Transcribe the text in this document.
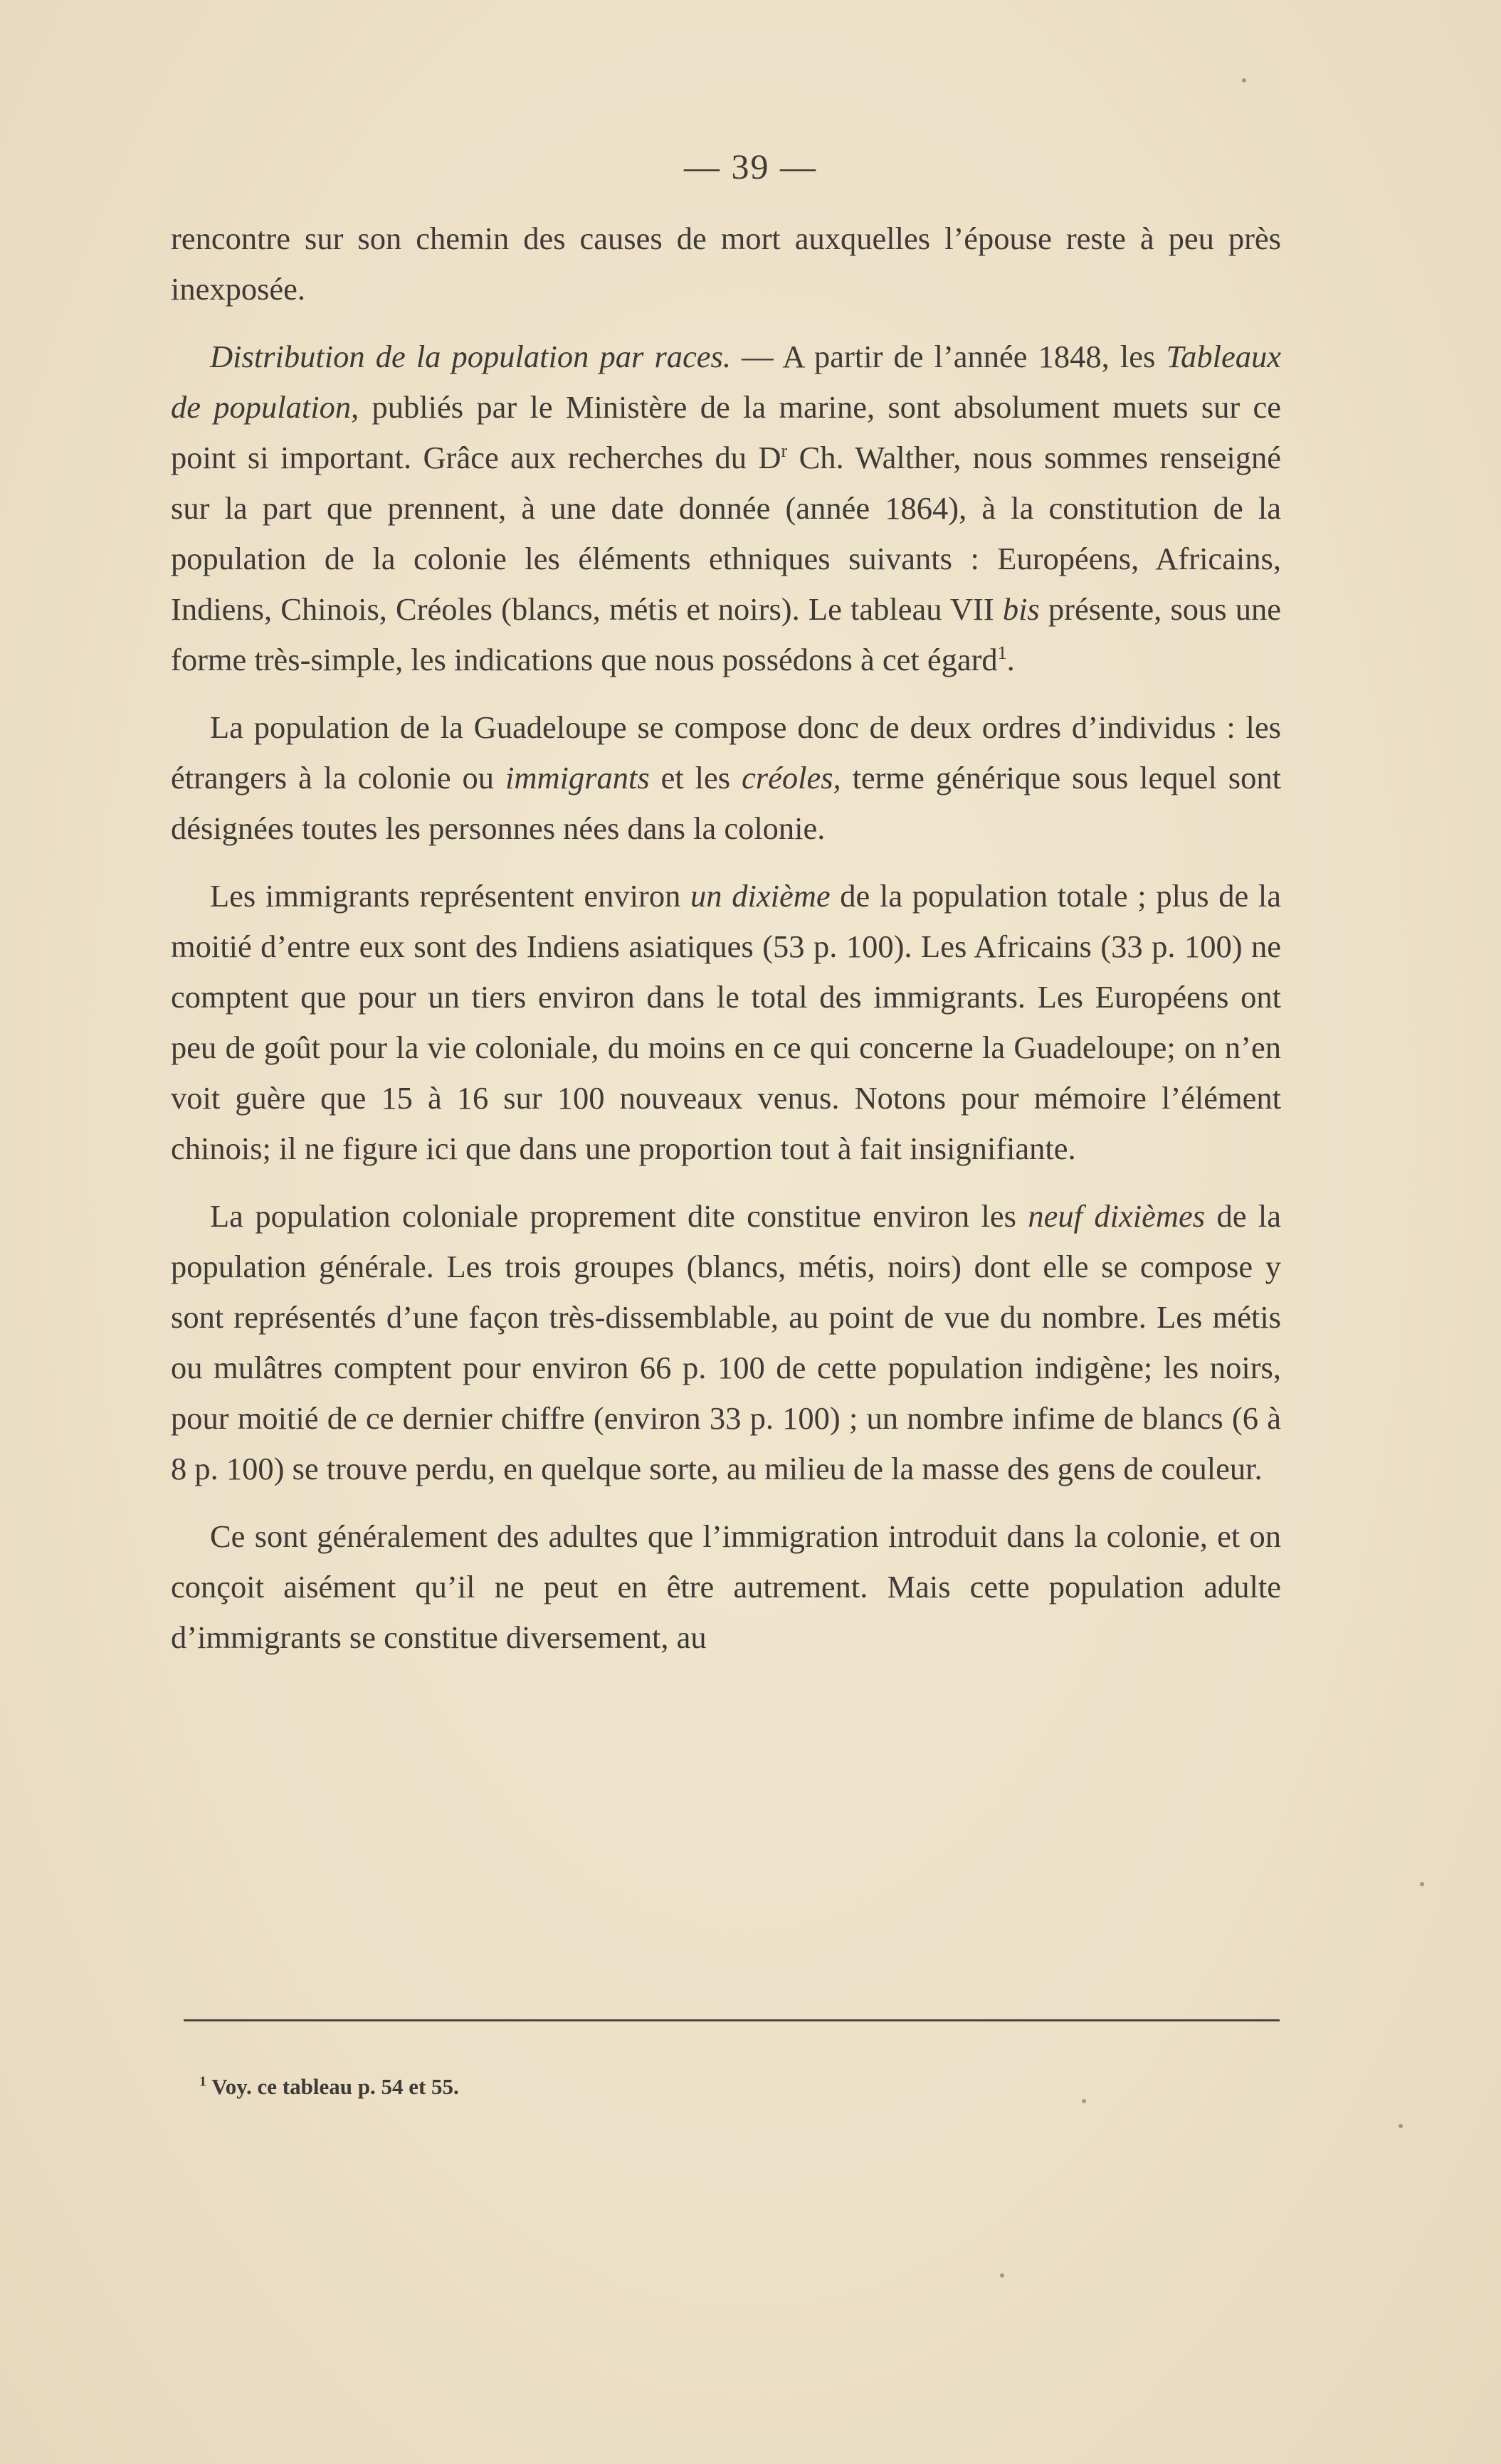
— 39 —

rencontre sur son chemin des causes de mort auxquelles l’épouse reste à peu près inexposée.

Distribution de la population par races. — A partir de l’année 1848, les Tableaux de population, publiés par le Ministère de la marine, sont absolument muets sur ce point si important. Grâce aux recherches du $D^r$ Ch. Walther, nous sommes renseigné sur la part que prennent, à une date donnée (année 1864), à la constitution de la population de la colonie les éléments ethniques suivants : Européens, Africains, Indiens, Chinois, Créoles (blancs, métis et noirs). Le tableau VII bis présente, sous une forme très-simple, les indications que nous possédons à cet égard$^1$.

La population de la Guadeloupe se compose donc de deux ordres d’individus : les étrangers à la colonie ou immigrants et les créoles, terme générique sous lequel sont désignées toutes les personnes nées dans la colonie.

Les immigrants représentent environ un dixième de la population totale ; plus de la moitié d’entre eux sont des Indiens asiatiques (53 p. 100). Les Africains (33 p. 100) ne comptent que pour un tiers environ dans le total des immigrants. Les Européens ont peu de goût pour la vie coloniale, du moins en ce qui concerne la Guadeloupe; on n’en voit guère que 15 à 16 sur 100 nouveaux venus. Notons pour mémoire l’élément chinois; il ne figure ici que dans une proportion tout à fait insignifiante.

La population coloniale proprement dite constitue environ les neuf dixièmes de la population générale. Les trois groupes (blancs, métis, noirs) dont elle se compose y sont représentés d’une façon très-dissemblable, au point de vue du nombre. Les métis ou mulâtres comptent pour environ 66 p. 100 de cette population indigène; les noirs, pour moitié de ce dernier chiffre (environ 33 p. 100) ; un nombre infime de blancs (6 à 8 p. 100) se trouve perdu, en quelque sorte, au milieu de la masse des gens de couleur.

Ce sont généralement des adultes que l’immigration introduit dans la colonie, et on conçoit aisément qu’il ne peut en être autrement. Mais cette population adulte d’immigrants se constitue diversement, au

$^1$ Voy. ce tableau p. 54 et 55.
